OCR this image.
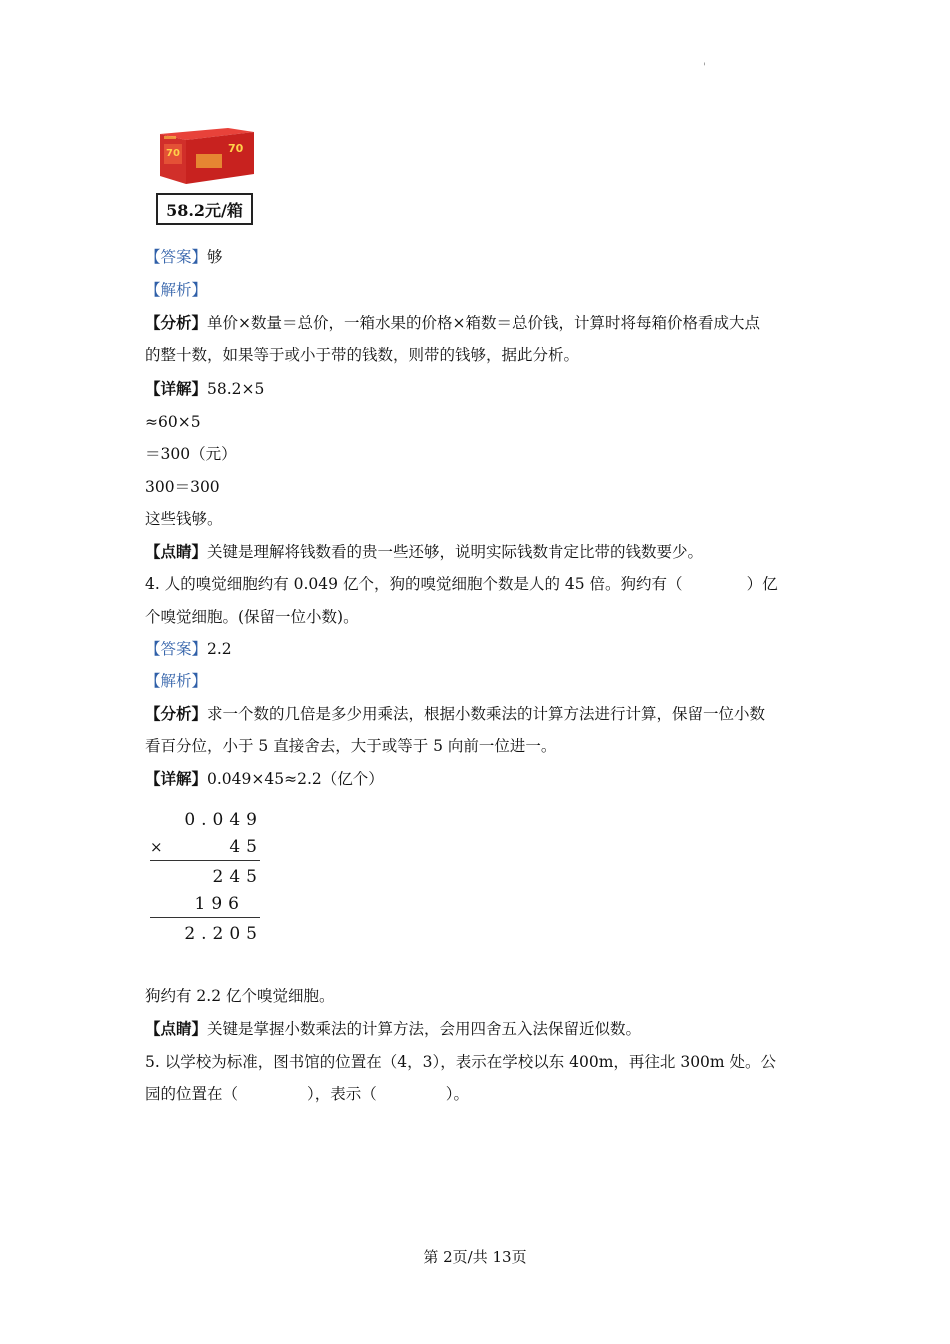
'
70	70
58.2元/箱
【答案】够
【解析】
【分析】单价×数量＝总价，一箱水果的价格×箱数＝总价钱，计算时将每箱价格看成大点
的整十数，如果等于或小于带的钱数，则带的钱够，据此分析。
【详解】58.2×5
≈60×5
＝300（元）
300＝300
这些钱够。
【点睛】关键是理解将钱数看的贵一些还够，说明实际钱数肯定比带的钱数要少。
4. 人的嗅觉细胞约有 0.049 亿个，狗的嗅觉细胞个数是人的 45 倍。狗约有（             ）亿
个嗅觉细胞。(保留一位小数)。
【答案】2.2
【解析】
【分析】求一个数的几倍是多少用乘法，根据小数乘法的计算方法进行计算，保留一位小数
看百分位，小于 5 直接舍去，大于或等于 5 向前一位进一。
【详解】0.049×45≈2.2（亿个）
0.049
×	45
245
196
2.205
狗约有 2.2 亿个嗅觉细胞。
【点睛】关键是掌握小数乘法的计算方法，会用四舍五入法保留近似数。
5. 以学校为标准，图书馆的位置在（4，3），表示在学校以东 400m，再往北 300m 处。公
园的位置在（              ），表示（              ）。
第 2页/共 13页
